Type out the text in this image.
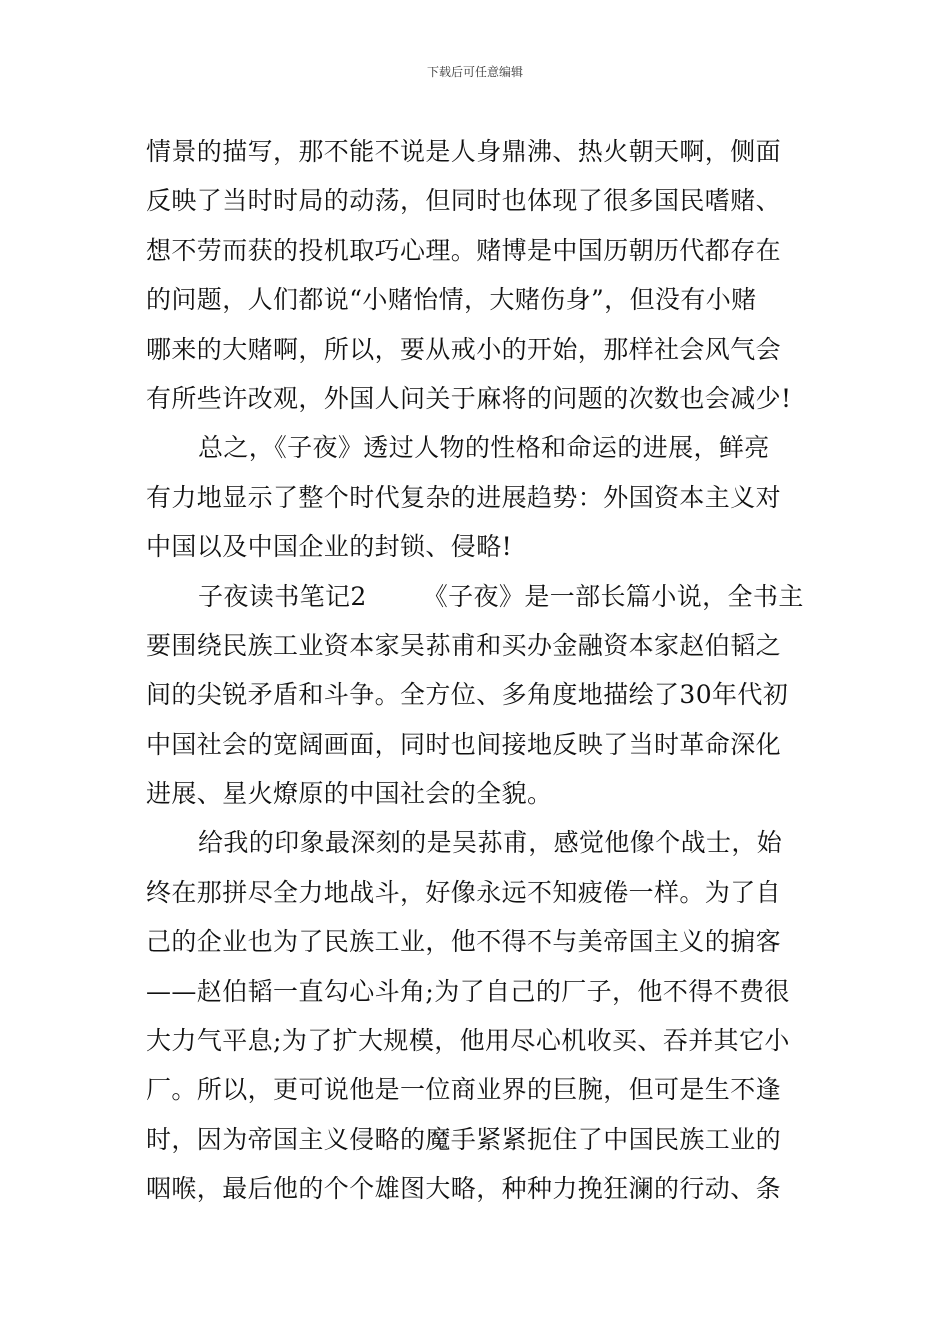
下载后可任意编辑
情景的描写，那不能不说是人身鼎沸、热火朝天啊，侧面
反映了当时时局的动荡，但同时也体现了很多国民嗜赌、
想不劳而获的投机取巧心理。赌博是中国历朝历代都存在
的问题，人们都说“小赌怡情，大赌伤身”，但没有小赌
哪来的大赌啊，所以，要从戒小的开始，那样社会风气会
有所些许改观，外国人问关于麻将的问题的次数也会减少!
总之，《子夜》透过人物的性格和命运的进展，鲜亮
有力地显示了整个时代复杂的进展趋势：外国资本主义对
中国以及中国企业的封锁、侵略!
子夜读书笔记2 《子夜》是一部长篇小说，全书主
要围绕民族工业资本家吴荪甫和买办金融资本家赵伯韬之
间的尖锐矛盾和斗争。全方位、多角度地描绘了30年代初
中国社会的宽阔画面，同时也间接地反映了当时革命深化
进展、星火燎原的中国社会的全貌。
给我的印象最深刻的是吴荪甫，感觉他像个战士，始
终在那拼尽全力地战斗，好像永远不知疲倦一样。为了自
己的企业也为了民族工业，他不得不与美帝国主义的掮客
——赵伯韬一直勾心斗角;为了自己的厂子，他不得不费很
大力气平息;为了扩大规模，他用尽心机收买、吞并其它小
厂。所以，更可说他是一位商业界的巨腕，但可是生不逢
时，因为帝国主义侵略的魔手紧紧扼住了中国民族工业的
咽喉，最后他的个个雄图大略，种种力挽狂澜的行动、条
